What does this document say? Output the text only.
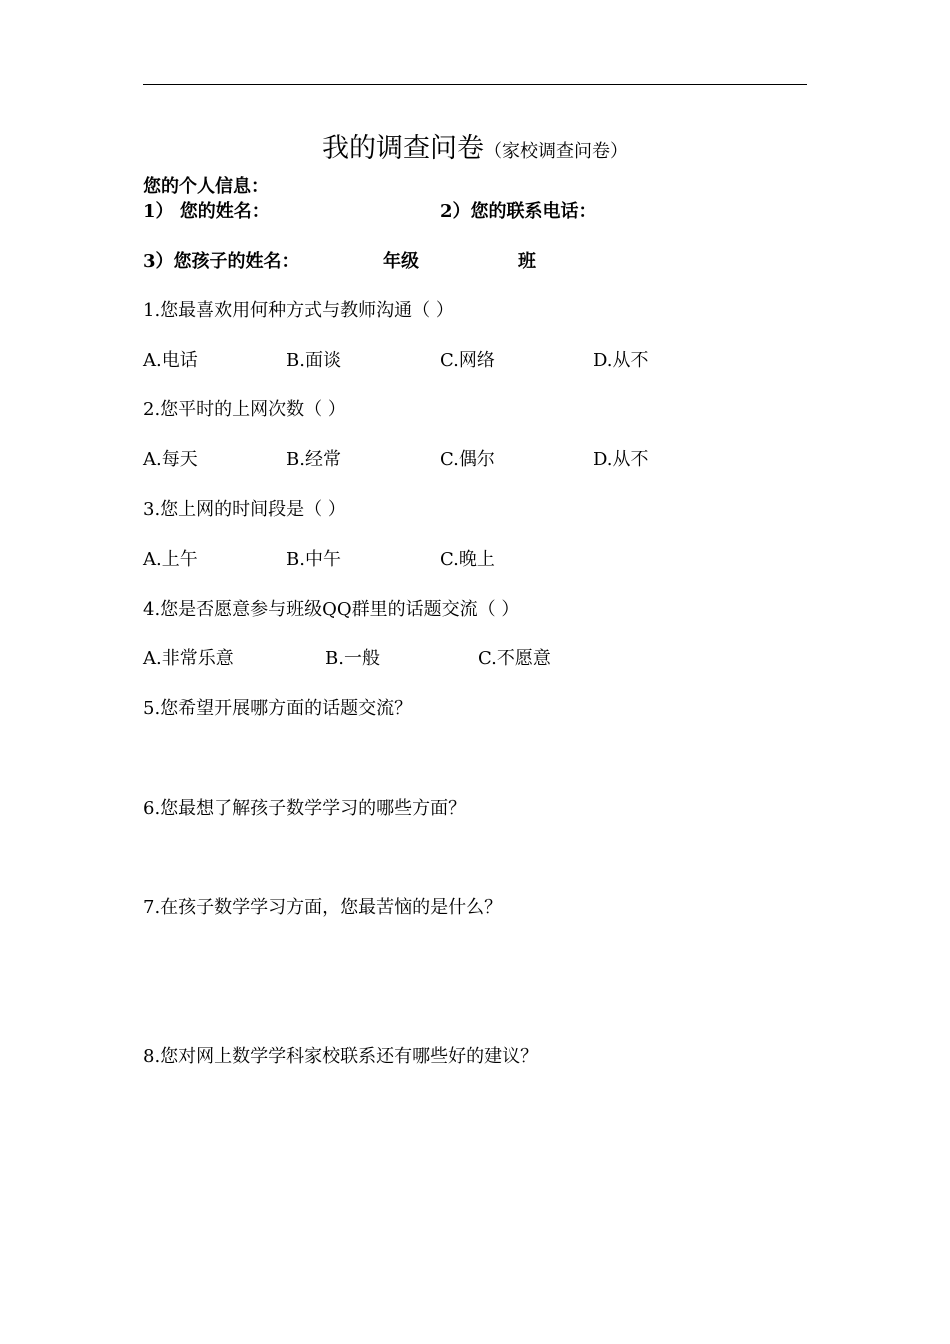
我的调查问卷（家校调查问卷）
您的个人信息：
1） 您的姓名：	2）您的联系电话：
3）您孩子的姓名：	年级	班
1.您最喜欢用何种方式与教师沟通（ ）
A.电话	B.面谈	C.网络	D.从不
2.您平时的上网次数（ ）
A.每天	B.经常	C.偶尔	D.从不
3.您上网的时间段是（ ）
A.上午	B.中午	C.晚上
4.您是否愿意参与班级QQ群里的话题交流（ ）
A.非常乐意	B.一般	C.不愿意
5.您希望开展哪方面的话题交流？
6.您最想了解孩子数学学习的哪些方面？
7.在孩子数学学习方面，您最苦恼的是什么？
8.您对网上数学学科家校联系还有哪些好的建议？
